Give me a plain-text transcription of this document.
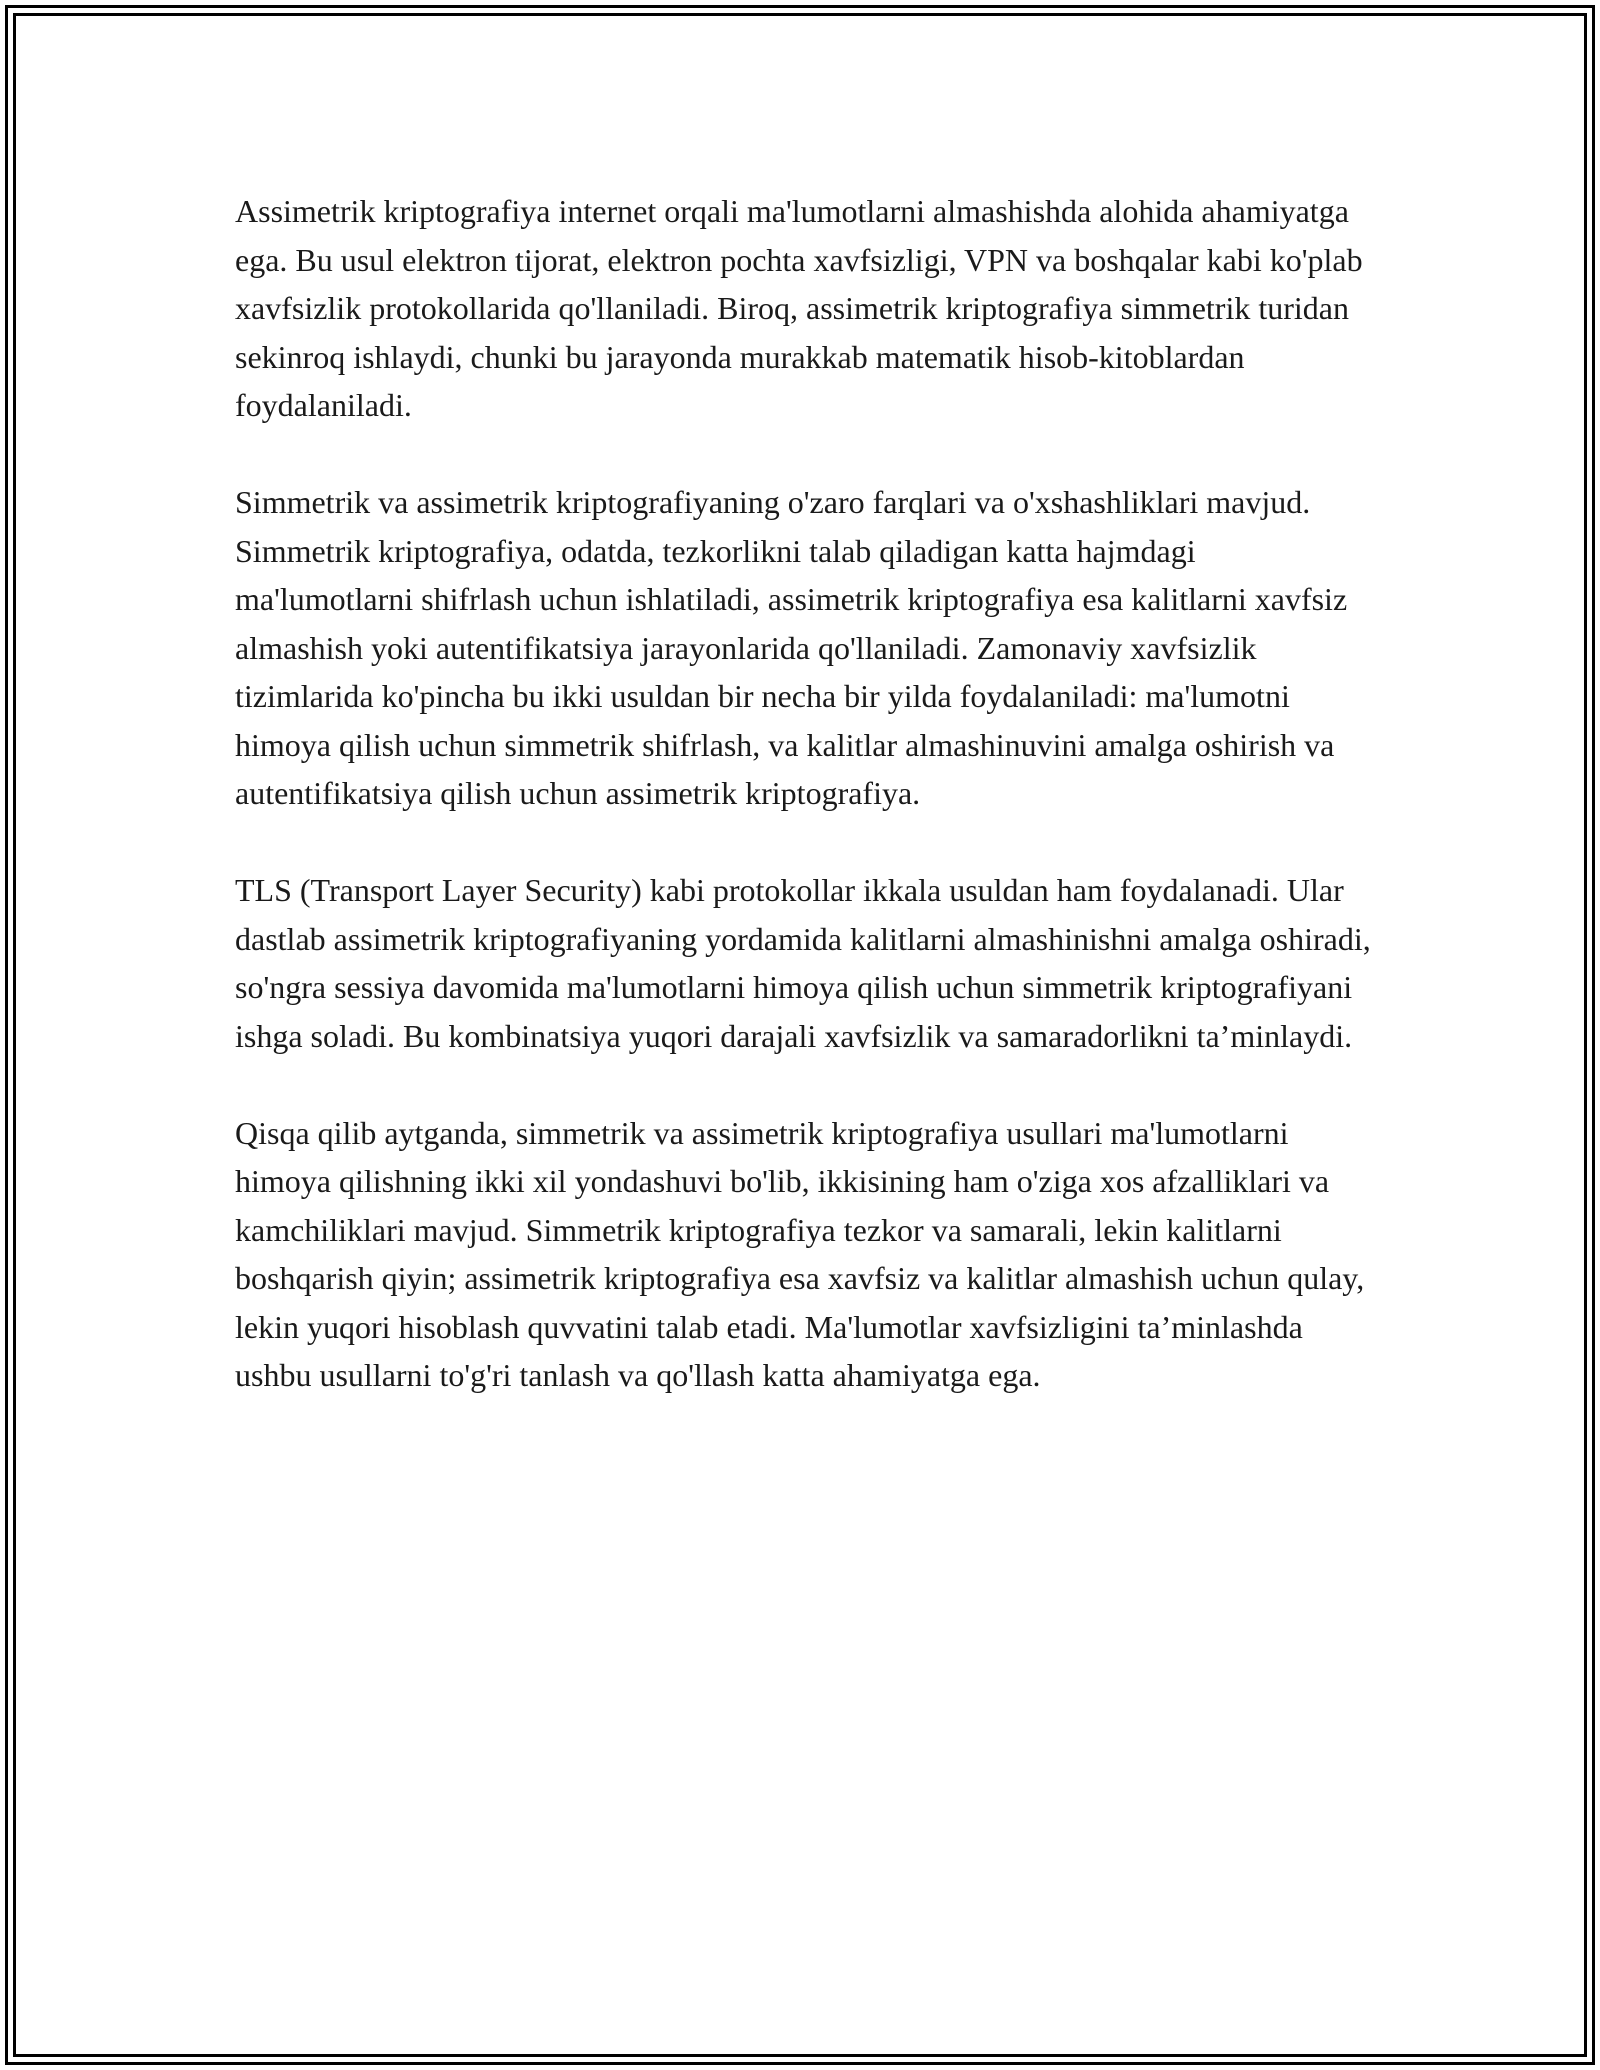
Assimetrik kriptografiya internet orqali ma'lumotlarni almashishda alohida ahamiyatga ega. Bu usul elektron tijorat, elektron pochta xavfsizligi, VPN va boshqalar kabi ko'plab xavfsizlik protokollarida qo'llaniladi. Biroq, assimetrik kriptografiya simmetrik turidan sekinroq ishlaydi, chunki bu jarayonda murakkab matematik hisob-kitoblardan foydalaniladi.

Simmetrik va assimetrik kriptografiyaning o'zaro farqlari va o'xshashliklari mavjud. Simmetrik kriptografiya, odatda, tezkorlikni talab qiladigan katta hajmdagi ma'lumotlarni shifrlash uchun ishlatiladi, assimetrik kriptografiya esa kalitlarni xavfsiz almashish yoki autentifikatsiya jarayonlarida qo'llaniladi. Zamonaviy xavfsizlik tizimlarida ko'pincha bu ikki usuldan bir necha bir yilda foydalaniladi: ma'lumotni himoya qilish uchun simmetrik shifrlash, va kalitlar almashinuvini amalga oshirish va autentifikatsiya qilish uchun assimetrik kriptografiya.

TLS (Transport Layer Security) kabi protokollar ikkala usuldan ham foydalanadi. Ular dastlab assimetrik kriptografiyaning yordamida kalitlarni almashinishni amalga oshiradi, so'ngra sessiya davomida ma'lumotlarni himoya qilish uchun simmetrik kriptografiyani ishga soladi. Bu kombinatsiya yuqori darajali xavfsizlik va samaradorlikni ta’minlaydi.

Qisqa qilib aytganda, simmetrik va assimetrik kriptografiya usullari ma'lumotlarni himoya qilishning ikki xil yondashuvi bo'lib, ikkisining ham o'ziga xos afzalliklari va kamchiliklari mavjud. Simmetrik kriptografiya tezkor va samarali, lekin kalitlarni boshqarish qiyin; assimetrik kriptografiya esa xavfsiz va kalitlar almashish uchun qulay, lekin yuqori hisoblash quvvatini talab etadi. Ma'lumotlar xavfsizligini ta’minlashda ushbu usullarni to'g'ri tanlash va qo'llash katta ahamiyatga ega.
